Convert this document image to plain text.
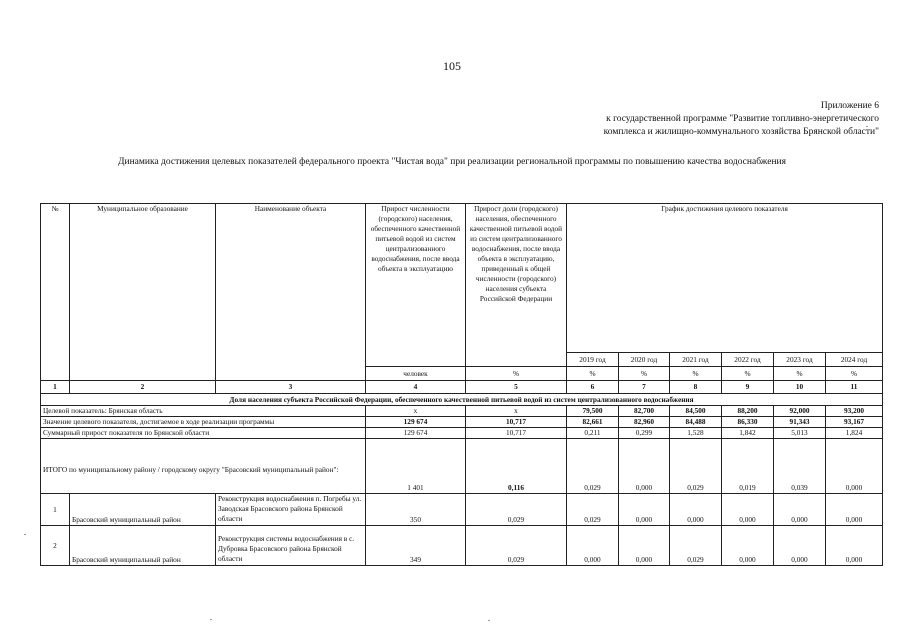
105
Приложение 6
к государственной программе "Развитие топливно-энергетического
комплекса и жилищно-коммунального хозяйства Брянской области"
Динамика достижения целевых показателей федерального проекта "Чистая вода" при реализации региональной программы по повышению качества водоснабжения
№	Муниципальное образование	Наименование объекта	Прирост численности (городского) населения, обеспеченного качественной питьевой водой из систем централизованного водоснабжения, после ввода объекта в эксплуатацию	Прирост доли (городского) населения, обеспеченного качественной питьевой водой из систем централизованного водоснабжения, после ввода объекта в эксплуатацию, приведенный к общей численности (городского) населения субъекта Российской Федерации	График достижения целевого показателя					
					2019 год	2020 год	2021 год	2022 год	2023 год	2024 год
			человек	%	%	%	%	%	%	%
1	2	3	4	5	6	7	8	9	10	11
Доля населения субъекта Российской Федерации, обеспеченного качественной питьевой водой из систем централизованного водоснабжения										
Целевой показатель: Брянская область			х	х	79,500	82,700	84,500	88,200	92,000	93,200
Значение целевого показателя, достигаемое в ходе реализации программы			129 674	10,717	82,661	82,960	84,488	86,330	91,343	93,167
Суммарный прирост показателя по Брянской области			129 674	10,717	0,211	0,299	1,528	1,842	5,013	1,824
ИТОГО по муниципальному району / городскому округу "Брасовский муниципальный район":			1 401	0,116	0,029	0,000	0,029	0,019	0,039	0,000
1	Брасовский муниципальный район	Реконструкция водоснабжения п. Погребы ул. Заводская Брасовского района Брянской области	350	0,029	0,029	0,000	0,000	0,000	0,000	0,000
2	Брасовский муниципальный район	Реконструкция системы водоснабжения в с. Дубровка Брасовского района Брянской области	349	0,029	0,000	0,000	0,029	0,000	0,000	0,000
